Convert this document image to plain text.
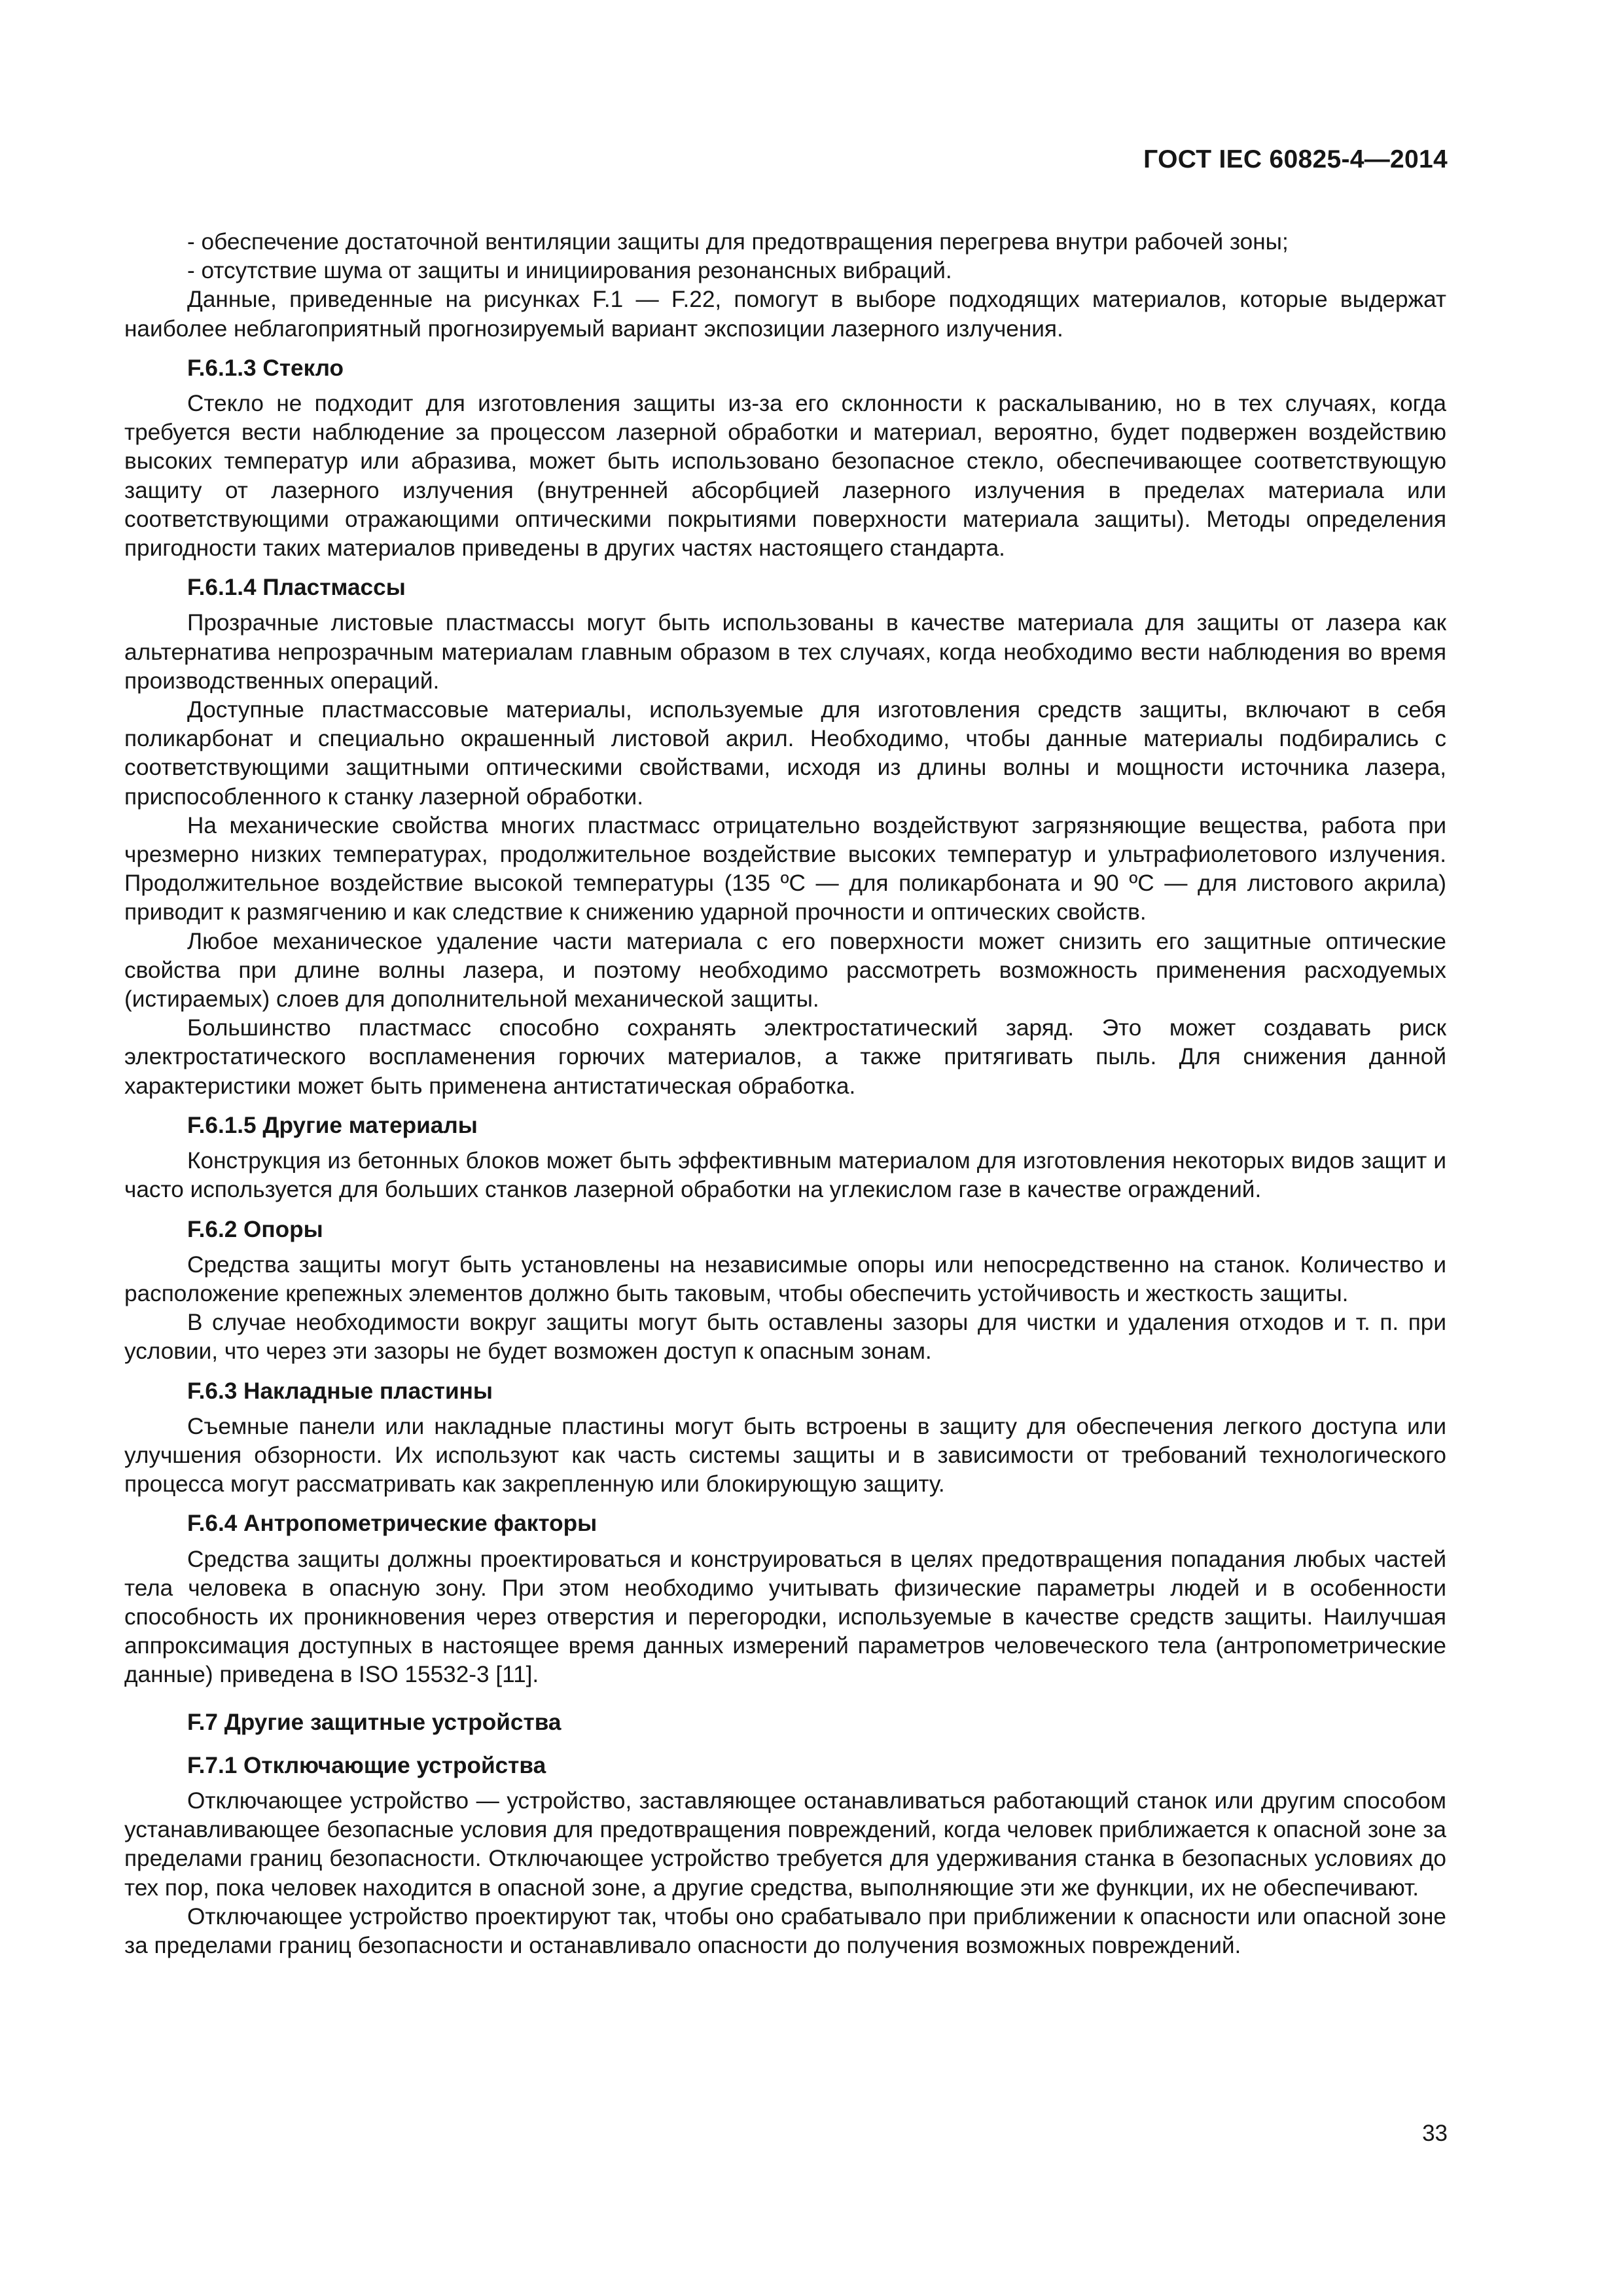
ГОСТ IEC 60825-4—2014
- обеспечение достаточной вентиляции защиты для предотвращения перегрева внутри рабочей зоны;
- отсутствие шума от защиты и инициирования резонансных вибраций.
Данные, приведенные на рисунках F.1 — F.22, помогут в выборе подходящих материалов, которые выдержат наиболее неблагоприятный прогнозируемый вариант экспозиции лазерного излучения.
F.6.1.3 Стекло
Стекло не подходит для изготовления защиты из-за его склонности к раскалыванию, но в тех случаях, когда требуется вести наблюдение за процессом лазерной обработки и материал, вероятно, будет подвержен воздействию высоких температур или абразива, может быть использовано безопасное стекло, обеспечивающее соответствующую защиту от лазерного излучения (внутренней абсорбцией лазерного излучения в пределах материала или соответствующими отражающими оптическими покрытиями поверхности материала защиты). Методы определения пригодности таких материалов приведены в других частях настоящего стандарта.
F.6.1.4 Пластмассы
Прозрачные листовые пластмассы могут быть использованы в качестве материала для защиты от лазера как альтернатива непрозрачным материалам главным образом в тех случаях, когда необходимо вести наблюдения во время производственных операций.
Доступные пластмассовые материалы, используемые для изготовления средств защиты, включают в себя поликарбонат и специально окрашенный листовой акрил. Необходимо, чтобы данные материалы подбирались с соответствующими защитными оптическими свойствами, исходя из длины волны и мощности источника лазера, приспособленного к станку лазерной обработки.
На механические свойства многих пластмасс отрицательно воздействуют загрязняющие вещества, работа при чрезмерно низких температурах, продолжительное воздействие высоких температур и ультрафиолетового излучения. Продолжительное воздействие высокой температуры (135 ºС — для поликарбоната и 90 ºС — для листового акрила) приводит к размягчению и как следствие к снижению ударной прочности и оптических свойств.
Любое механическое удаление части материала с его поверхности может снизить его защитные оптические свойства при длине волны лазера, и поэтому необходимо рассмотреть возможность применения расходуемых (истираемых) слоев для дополнительной механической защиты.
Большинство пластмасс способно сохранять электростатический заряд. Это может создавать риск электростатического воспламенения горючих материалов, а также притягивать пыль. Для снижения данной характеристики может быть применена антистатическая обработка.
F.6.1.5 Другие материалы
Конструкция из бетонных блоков может быть эффективным материалом для изготовления некоторых видов защит и часто используется для больших станков лазерной обработки на углекислом газе в качестве ограждений.
F.6.2 Опоры
Средства защиты могут быть установлены на независимые опоры или непосредственно на станок. Количество и расположение крепежных элементов должно быть таковым, чтобы обеспечить устойчивость и жесткость защиты.
В случае необходимости вокруг защиты могут быть оставлены зазоры для чистки и удаления отходов и т. п. при условии, что через эти зазоры не будет возможен доступ к опасным зонам.
F.6.3 Накладные пластины
Съемные панели или накладные пластины могут быть встроены в защиту для обеспечения легкого доступа или улучшения обзорности. Их используют как часть системы защиты и в зависимости от требований технологического процесса могут рассматривать как закрепленную или блокирующую защиту.
F.6.4 Антропометрические факторы
Средства защиты должны проектироваться и конструироваться в целях предотвращения попадания любых частей тела человека в опасную зону. При этом необходимо учитывать физические параметры людей и в особенности способность их проникновения через отверстия и перегородки, используемые в качестве средств защиты. Наилучшая аппроксимация доступных в настоящее время данных измерений параметров человеческого тела (антропометрические данные) приведена в ISO 15532-3 [11].
F.7 Другие защитные устройства
F.7.1 Отключающие устройства
Отключающее устройство — устройство, заставляющее останавливаться работающий станок или другим способом устанавливающее безопасные условия для предотвращения повреждений, когда человек приближается к опасной зоне за пределами границ безопасности. Отключающее устройство требуется для удерживания станка в безопасных условиях до тех пор, пока человек находится в опасной зоне, а другие средства, выполняющие эти же функции, их не обеспечивают.
Отключающее устройство проектируют так, чтобы оно срабатывало при приближении к опасности или опасной зоне за пределами границ безопасности и останавливало опасности до получения возможных повреждений.
33
